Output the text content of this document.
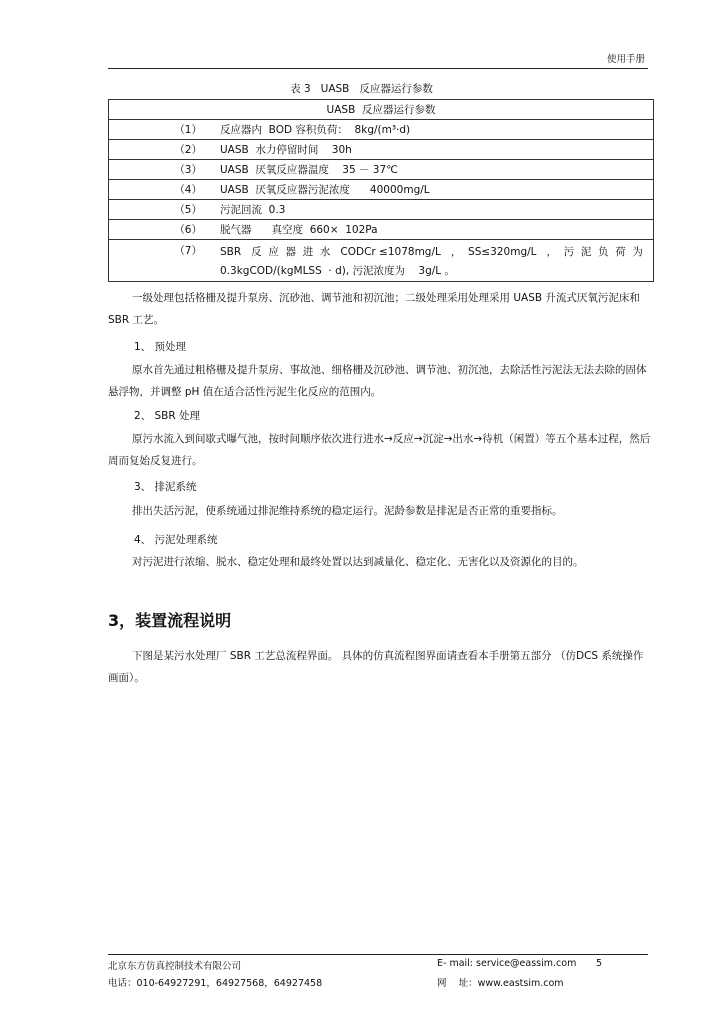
使用手册
表 3   UASB   反应器运行参数
UASB  反应器运行参数	
（1）	反应器内  BOD 容积负荷：  8kg/(m³·d)
（2）	UASB  水力停留时间    30h
（3）	UASB  厌氧反应器温度    35 － 37℃
（4）	UASB  厌氧反应器污泥浓度      40000mg/L
（5）	污泥回流  0.3
（6）	脱气器      真空度  660×  102Pa
（7）	SBR   反  应  器  进  水   CODCr ≤1078mg/L   ，  SS≤320mg/L   ，  污  泥  负  荷  为
0.3kgCOD/(kgMLSS  · d), 污泥浓度为    3g/L 。
一级处理包括格栅及提升泵房、沉砂池、调节池和初沉池；二级处理采用处理采用 UASB 升流式厌氧污泥床和 SBR 工艺。
1、 预处理
原水首先通过粗格栅及提升泵房、事故池、细格栅及沉砂池、调节池、初沉池，去除活性污泥法无法去除的固体悬浮物，并调整 pH 值在适合活性污泥生化反应的范围内。
2、 SBR 处理
原污水流入到间歇式曝气池，按时间顺序依次进行进水→反应→沉淀→出水→待机（闲置）等五个基本过程，然后周而复始反复进行。
3、 排泥系统
排出失活污泥，使系统通过排泥维持系统的稳定运行。泥龄参数是排泥是否正常的重要指标。
4、 污泥处理系统
对污泥进行浓缩、脱水、稳定处理和最终处置以达到减量化、稳定化、无害化以及资源化的目的。
3，装置流程说明
下图是某污水处理厂 SBR 工艺总流程界面。 具体的仿真流程图界面请查看本手册第五部分 （仿DCS 系统操作画面）。
北京东方仿真控制技术有限公司
电话：010-64927291，64927568，64927458
E- mail: service@eassim.com 5
网    址：www.eastsim.com
